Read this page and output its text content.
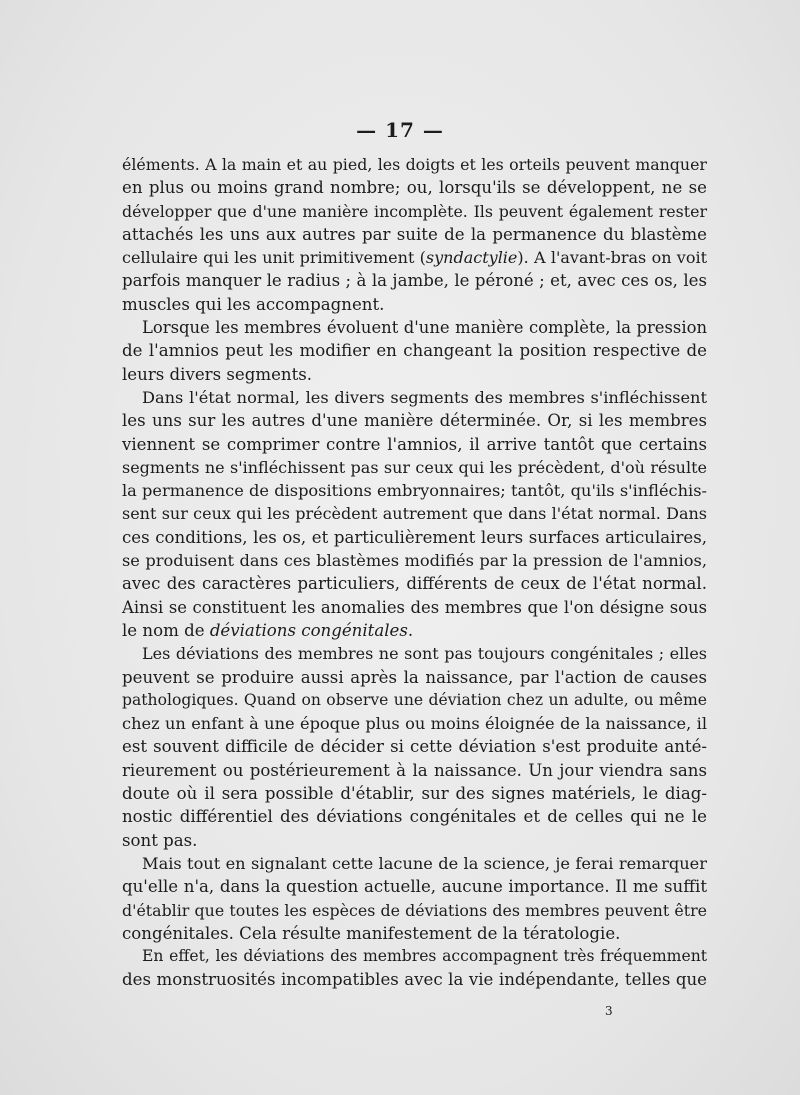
— 17 —
éléments. A la main et au pied, les doigts et les orteils peuvent manquer
en plus ou moins grand nombre; ou, lorsqu'ils se développent, ne se
développer que d'une manière incomplète. Ils peuvent également rester
attachés les uns aux autres par suite de la permanence du blastème
cellulaire qui les unit primitivement (syndactylie). A l'avant-bras on voit
parfois manquer le radius ; à la jambe, le péroné ; et, avec ces os, les
muscles qui les accompagnent.
Lorsque les membres évoluent d'une manière complète, la pression
de l'amnios peut les modifier en changeant la position respective de
leurs divers segments.
Dans l'état normal, les divers segments des membres s'infléchissent
les uns sur les autres d'une manière déterminée. Or, si les membres
viennent se comprimer contre l'amnios, il arrive tantôt que certains
segments ne s'infléchissent pas sur ceux qui les précèdent, d'où résulte
la permanence de dispositions embryonnaires; tantôt, qu'ils s'infléchis-
sent sur ceux qui les précèdent autrement que dans l'état normal. Dans
ces conditions, les os, et particulièrement leurs surfaces articulaires,
se produisent dans ces blastèmes modifiés par la pression de l'amnios,
avec des caractères particuliers, différents de ceux de l'état normal.
Ainsi se constituent les anomalies des membres que l'on désigne sous
le nom de déviations congénitales.
Les déviations des membres ne sont pas toujours congénitales ; elles
peuvent se produire aussi après la naissance, par l'action de causes
pathologiques. Quand on observe une déviation chez un adulte, ou même
chez un enfant à une époque plus ou moins éloignée de la naissance, il
est souvent difficile de décider si cette déviation s'est produite anté-
rieurement ou postérieurement à la naissance. Un jour viendra sans
doute où il sera possible d'établir, sur des signes matériels, le diag-
nostic différentiel des déviations congénitales et de celles qui ne le
sont pas.
Mais tout en signalant cette lacune de la science, je ferai remarquer
qu'elle n'a, dans la question actuelle, aucune importance. Il me suffit
d'établir que toutes les espèces de déviations des membres peuvent être
congénitales. Cela résulte manifestement de la tératologie.
En effet, les déviations des membres accompagnent très fréquemment
des monstruosités incompatibles avec la vie indépendante, telles que
3
